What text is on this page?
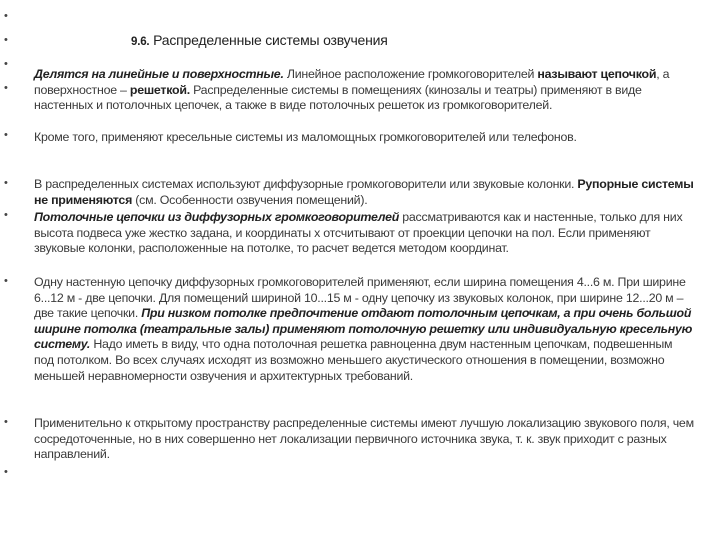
•
•
•
•
•
•
•
•
•
•
9.6. Распределенные системы озвучения

Делятся на линейные и поверхностные. Линейное расположение громкоговорителей называют цепочкой, а поверхностное – решеткой. Распределенные системы в помещениях (кинозалы и театры) применяют в виде настенных и потолочных цепочек, а также в виде потолочных решеток из громкоговорителей.

Кроме того, применяют кресельные системы из маломощных громкоговорителей или телефонов.

В распределенных системах используют диффузорные громкоговорители или звуковые колонки. Рупорные системы не применяются (см. Особенности озвучения помещений).

Потолочные цепочки из диффузорных громкоговорителей рассматриваются как и настенные, только для них высота подвеса уже жестко задана, и координаты x отсчитывают от проекции цепочки на пол. Если применяют звуковые колонки, расположенные на потолке, то расчет ведется методом координат.

Одну настенную цепочку диффузорных громкоговорителей применяют, если ширина помещения 4...6 м. При ширине 6...12 м - две цепочки. Для помещений шириной 10...15 м - одну цепочку из звуковых колонок, при ширине 12...20 м – две такие цепочки. При низком потолке предпочтение отдают потолочным цепочкам, а при очень большой ширине потолка (театральные залы) применяют потолочную решетку или индивидуальную кресельную систему. Надо иметь в виду, что одна потолочная решетка равноценна двум настенным цепочкам, подвешенным под потолком. Во всех случаях исходят из возможно меньшего акустического отношения в помещении, возможно меньшей неравномерности озвучения и архитектурных требований.

Применительно к открытому пространству распределенные системы имеют лучшую локализацию звукового поля, чем сосредоточенные, но в них совершенно нет локализации первичного источника звука, т. к. звук приходит с разных направлений.
